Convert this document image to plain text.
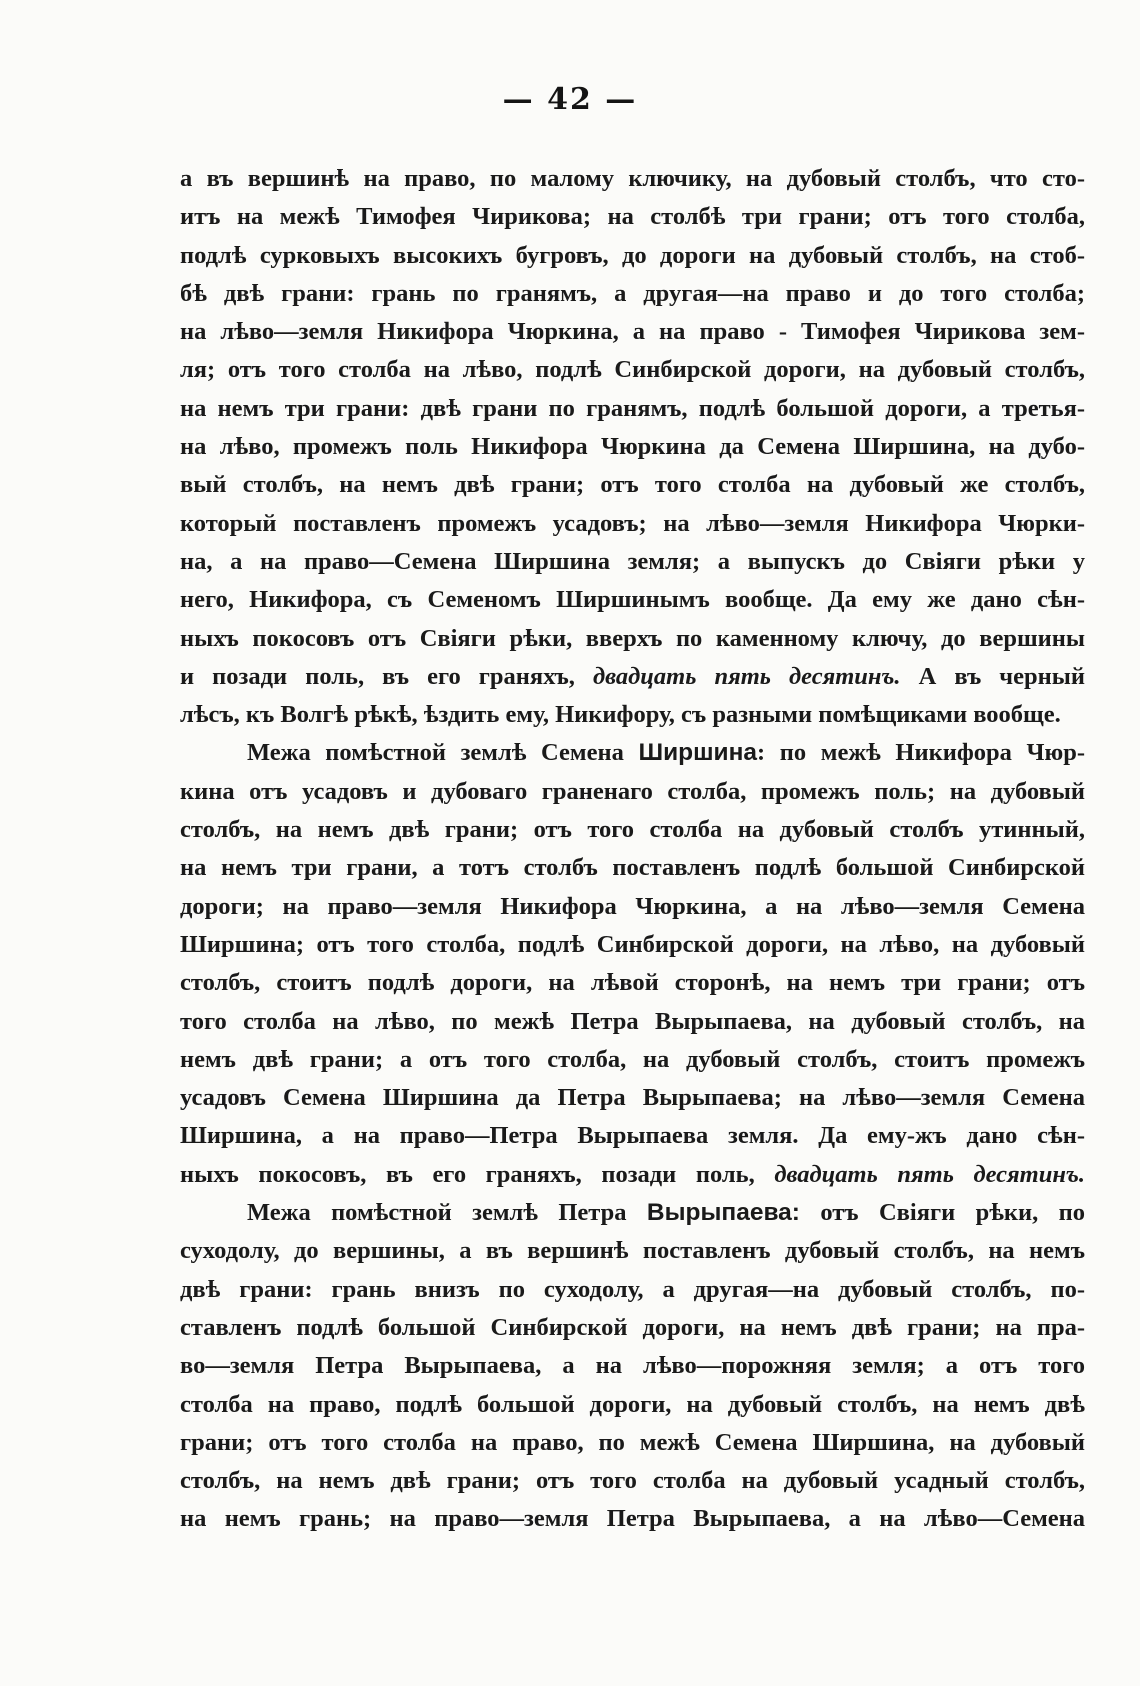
— 42 —
а въ вершинѣ на право, по малому ключику, на дубовый столбъ, что сто-
итъ на межѣ Тимофея Чирикова; на столбѣ три грани; отъ того столба,
подлѣ сурковыхъ высокихъ бугровъ, до дороги на дубовый столбъ, на стоб-
бѣ двѣ грани: грань по гранямъ, а другая—на право и до того столба;
на лѣво—земля Никифора Чюркина, а на право - Тимофея Чирикова зем-
ля; отъ того столба на лѣво, подлѣ Синбирской дороги, на дубовый столбъ,
на немъ три грани: двѣ грани по гранямъ, подлѣ большой дороги, а третья-
на лѣво, промежъ поль Никифора Чюркина да Семена Ширшина, на дубо-
вый столбъ, на немъ двѣ грани; отъ того столба на дубовый же столбъ,
который поставленъ промежъ усадовъ; на лѣво—земля Никифора Чюрки-
на, а на право—Семена Ширшина земля; а выпускъ до Свіяги рѣки у
него, Никифора, съ Семеномъ Ширшинымъ вообще. Да ему же дано сѣн-
ныхъ покосовъ отъ Свіяги рѣки, вверхъ по каменному ключу, до вершины
и позади поль, въ его граняхъ, двадцать пять десятинъ. А въ черный
лѣсъ, къ Волгѣ рѣкѣ, ѣздить ему, Никифору, съ разными помѣщиками вообще.
Межа помѣстной землѣ Семена Ширшина: по межѣ Никифора Чюр-
кина отъ усадовъ и дубоваго граненаго столба, промежъ поль; на дубовый
столбъ, на немъ двѣ грани; отъ того столба на дубовый столбъ утинный,
на немъ три грани, а тотъ столбъ поставленъ подлѣ большой Синбирской
дороги; на право—земля Никифора Чюркина, а на лѣво—земля Семена
Ширшина; отъ того столба, подлѣ Синбирской дороги, на лѣво, на дубовый
столбъ, стоитъ подлѣ дороги, на лѣвой сторонѣ, на немъ три грани; отъ
того столба на лѣво, по межѣ Петра Вырыпаева, на дубовый столбъ, на
немъ двѣ грани; а отъ того столба, на дубовый столбъ, стоитъ промежъ
усадовъ Семена Ширшина да Петра Вырыпаева; на лѣво—земля Семена
Ширшина, а на право—Петра Вырыпаева земля. Да ему-жъ дано сѣн-
ныхъ покосовъ, въ его граняхъ, позади поль, двадцать пять десятинъ.
Межа помѣстной землѣ Петра Вырыпаева: отъ Свіяги рѣки, по
суходолу, до вершины, а въ вершинѣ поставленъ дубовый столбъ, на немъ
двѣ грани: грань внизъ по суходолу, а другая—на дубовый столбъ, по-
ставленъ подлѣ большой Синбирской дороги, на немъ двѣ грани; на пра-
во—земля Петра Вырыпаева, а на лѣво—порожняя земля; а отъ того
столба на право, подлѣ большой дороги, на дубовый столбъ, на немъ двѣ
грани; отъ того столба на право, по межѣ Семена Ширшина, на дубовый
столбъ, на немъ двѣ грани; отъ того столба на дубовый усадный столбъ,
на немъ грань; на право—земля Петра Вырыпаева, а на лѣво—Семена
